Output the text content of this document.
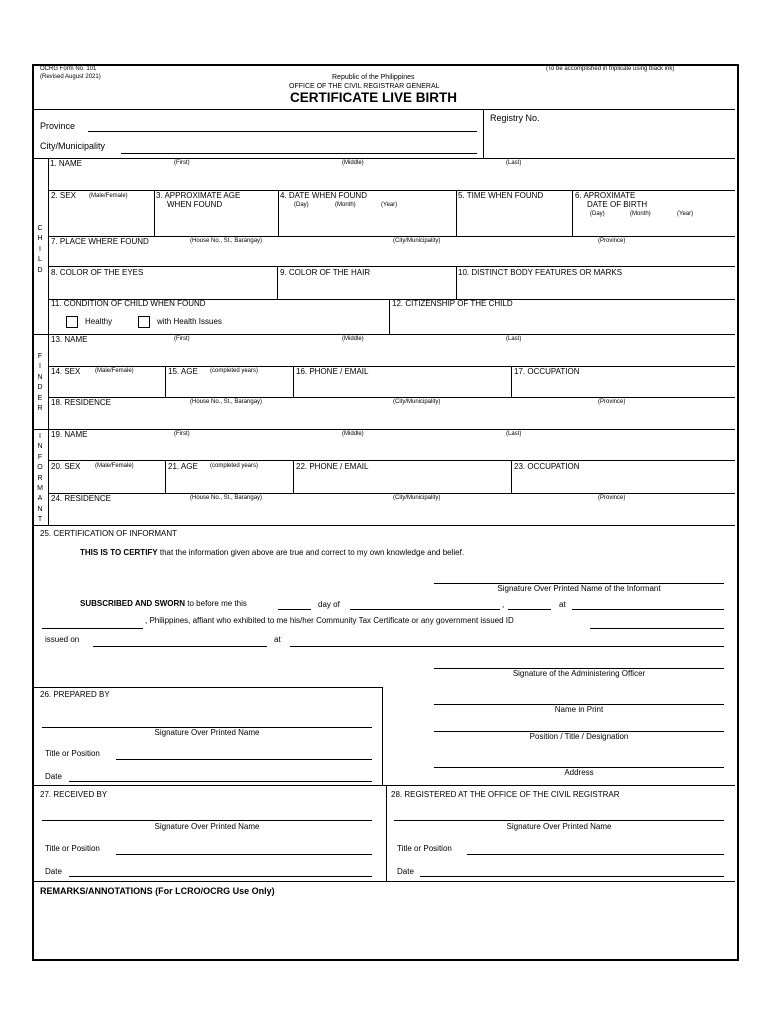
OCRG Form No. 101
(Revised August 2021)
(To be accomplished in triplicate using black ink)
Republic of the Philippines
OFFICE OF THE CIVIL REGISTRAR GENERAL
CERTIFICATE LIVE BIRTH
Province
City/Municipality
Registry No.
C
H
I
L
D
1. NAME	(First)	(Middle)	(Last)
2. SEX (Male/Female)	3. APPROXIMATE AGE
WHEN FOUND
4. DATE WHEN FOUND
(Day)	(Month)	(Year)
5. TIME WHEN FOUND	6. APROXIMATE
DATE OF BIRTH
(Day)	(Month)	(Year)
7. PLACE WHERE FOUND	(House No., St., Barangay)	(City/Municipality)	(Province)
8. COLOR OF THE EYES	9. COLOR OF THE HAIR	10. DISTINCT BODY FEATURES OR MARKS
11. CONDITION OF CHILD WHEN FOUND
Healthy	with Health Issues
12. CITIZENSHIP OF THE CHILD
F
I
N
D
E
R
13. NAME	(First)	(Middle)	(Last)
14. SEX (Male/Female)	15. AGE (completed years)	16. PHONE / EMAIL	17. OCCUPATION
18. RESIDENCE	(House No., St., Barangay)	(City/Municipality)	(Province)
I
N
F
O
R
M
A
N
T
19. NAME	(First)	(Middle)	(Last)
20. SEX (Male/Female)	21. AGE (completed years)	22. PHONE / EMAIL	23. OCCUPATION
24. RESIDENCE	(House No., St., Barangay)	(City/Municipality)	(Province)
25. CERTIFICATION OF INFORMANT
THIS IS TO CERTIFY that the information given above are true and correct to my own knowledge and belief.
Signature Over Printed Name of the Informant
SUBSCRIBED AND SWORN to before me this	day of	,	at
, Philippines, affiant who exhibited to me his/her Community Tax Certificate or any government issued ID
issued on	at
Signature of the Administering Officer
26. PREPARED BY
Signature Over Printed Name
Title or Position
Date
Name in Print
Position / Title / Designation
Address
27. RECEIVED BY
Signature Over Printed Name
Title or Position
Date
28. REGISTERED AT THE OFFICE OF THE CIVIL REGISTRAR
Signature Over Printed Name
Title or Position
Date
REMARKS/ANNOTATIONS (For LCRO/OCRG Use Only)
